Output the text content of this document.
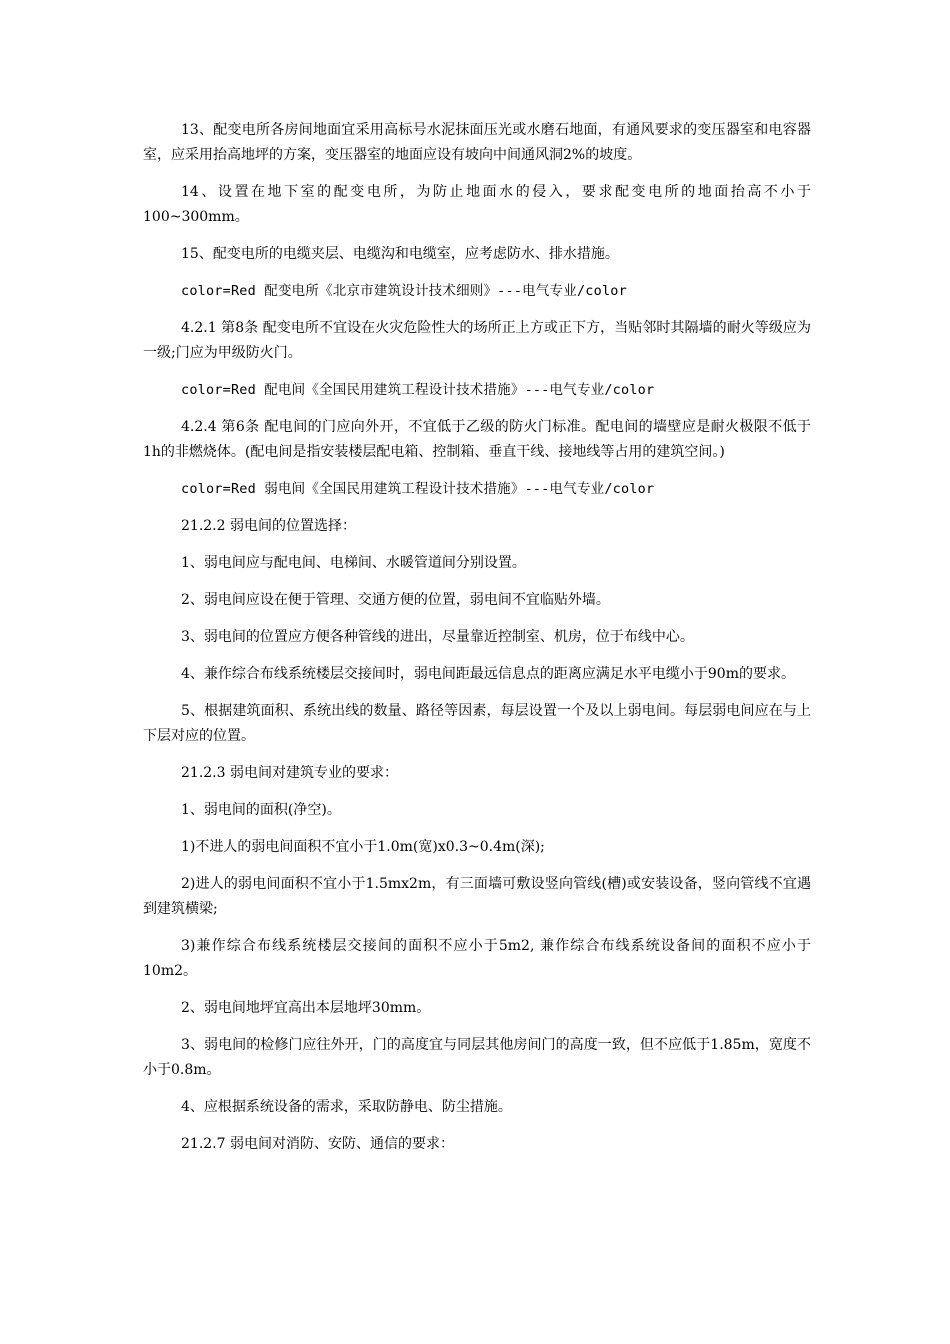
13、配变电所各房间地面宜采用高标号水泥抹面压光或水磨石地面，有通风要求的变压器室和电容器室，应采用抬高地坪的方案，变压器室的地面应设有坡向中间通风洞2%的坡度。

14、设置在地下室的配变电所，为防止地面水的侵入，要求配变电所的地面抬高不小于100~300mm。

15、配变电所的电缆夹层、电缆沟和电缆室，应考虑防水、排水措施。

color=Red 配变电所《北京市建筑设计技术细则》---电气专业/color

4.2.1 第8条 配变电所不宜设在火灾危险性大的场所正上方或正下方，当贴邻时其隔墙的耐火等级应为一级;门应为甲级防火门。

color=Red 配电间《全国民用建筑工程设计技术措施》---电气专业/color

4.2.4 第6条 配电间的门应向外开，不宜低于乙级的防火门标准。配电间的墙壁应是耐火极限不低于1h的非燃烧体。(配电间是指安装楼层配电箱、控制箱、垂直干线、接地线等占用的建筑空间。)

color=Red 弱电间《全国民用建筑工程设计技术措施》---电气专业/color

21.2.2 弱电间的位置选择：

1、弱电间应与配电间、电梯间、水暖管道间分别设置。

2、弱电间应设在便于管理、交通方便的位置，弱电间不宜临贴外墙。

3、弱电间的位置应方便各种管线的进出，尽量靠近控制室、机房，位于布线中心。

4、兼作综合布线系统楼层交接间时，弱电间距最远信息点的距离应满足水平电缆小于90m的要求。

5、根据建筑面积、系统出线的数量、路径等因素，每层设置一个及以上弱电间。每层弱电间应在与上下层对应的位置。

21.2.3 弱电间对建筑专业的要求：

1、弱电间的面积(净空)。

1)不进人的弱电间面积不宜小于1.0m(宽)x0.3~0.4m(深);

2)进人的弱电间面积不宜小于1.5mx2m，有三面墙可敷设竖向管线(槽)或安装设备，竖向管线不宜遇到建筑横梁;

3)兼作综合布线系统楼层交接间的面积不应小于5m2, 兼作综合布线系统设备间的面积不应小于10m2。

2、弱电间地坪宜高出本层地坪30mm。

3、弱电间的检修门应往外开，门的高度宜与同层其他房间门的高度一致，但不应低于1.85m，宽度不小于0.8m。

4、应根据系统设备的需求，采取防静电、防尘措施。

21.2.7 弱电间对消防、安防、通信的要求：
